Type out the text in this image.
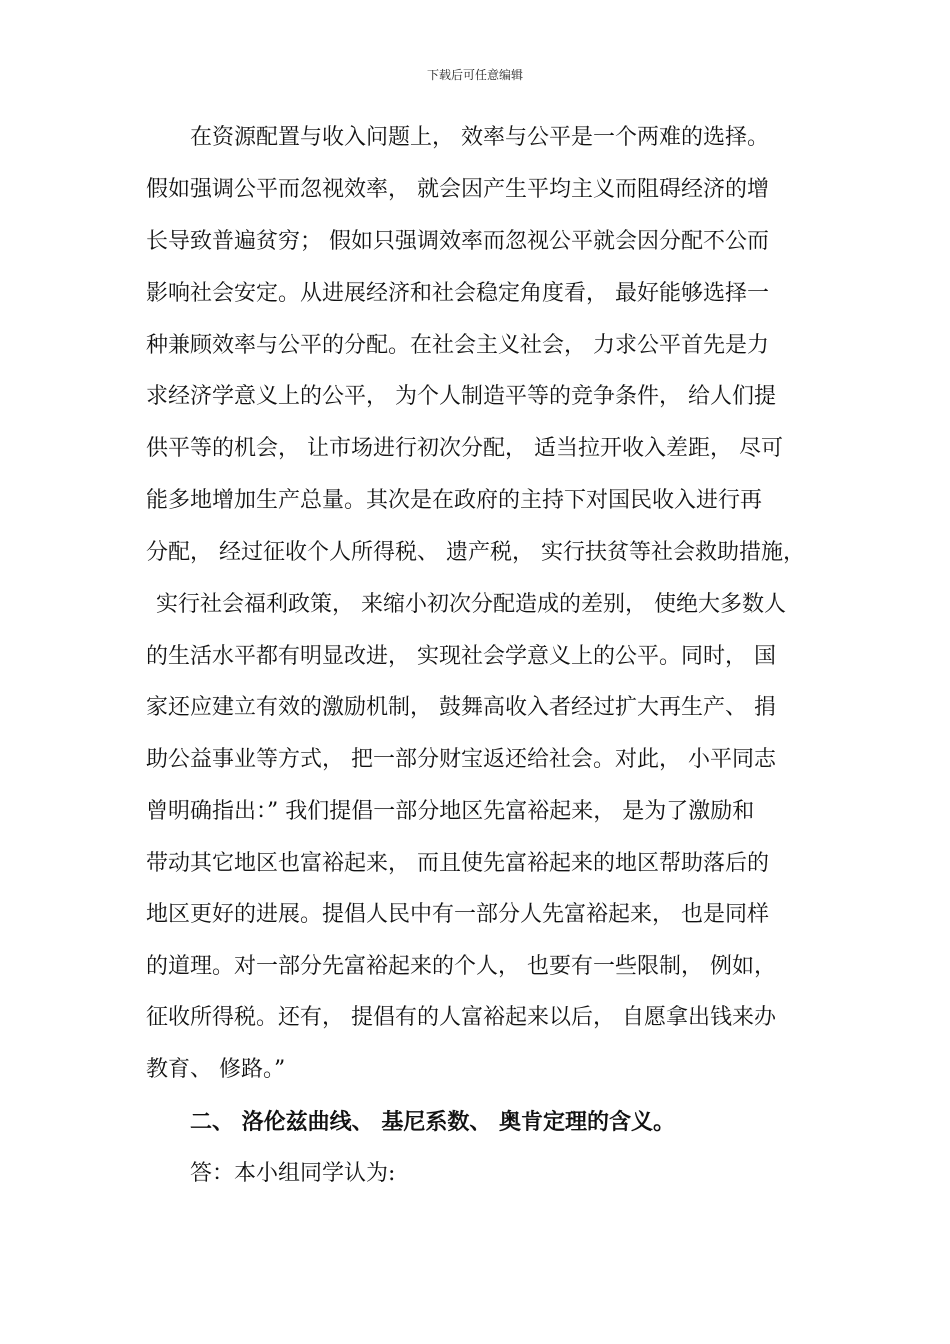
下载后可任意编辑
在资源配置与收入问题上， 效率与公平是一个两难的选择。
假如强调公平而忽视效率， 就会因产生平均主义而阻碍经济的增
长导致普遍贫穷； 假如只强调效率而忽视公平就会因分配不公而
影响社会安定。从进展经济和社会稳定角度看， 最好能够选择一
种兼顾效率与公平的分配。在社会主义社会， 力求公平首先是力
求经济学意义上的公平， 为个人制造平等的竞争条件， 给人们提
供平等的机会， 让市场进行初次分配， 适当拉开收入差距， 尽可
能多地增加生产总量。其次是在政府的主持下对国民收入进行再
分配， 经过征收个人所得税、 遗产税， 实行扶贫等社会救助措施，
实行社会福利政策， 来缩小初次分配造成的差别， 使绝大多数人
的生活水平都有明显改进， 实现社会学意义上的公平。同时， 国
家还应建立有效的激励机制， 鼓舞高收入者经过扩大再生产、 捐
助公益事业等方式， 把一部分财宝返还给社会。对此， 小平同志
曾明确指出：” 我们提倡一部分地区先富裕起来， 是为了激励和
带动其它地区也富裕起来， 而且使先富裕起来的地区帮助落后的
地区更好的进展。提倡人民中有一部分人先富裕起来， 也是同样
的道理。对一部分先富裕起来的个人， 也要有一些限制， 例如，
征收所得税。还有， 提倡有的人富裕起来以后， 自愿拿出钱来办
教育、 修路。”
二、 洛伦兹曲线、 基尼系数、 奥肯定理的含义。
答：本小组同学认为:
